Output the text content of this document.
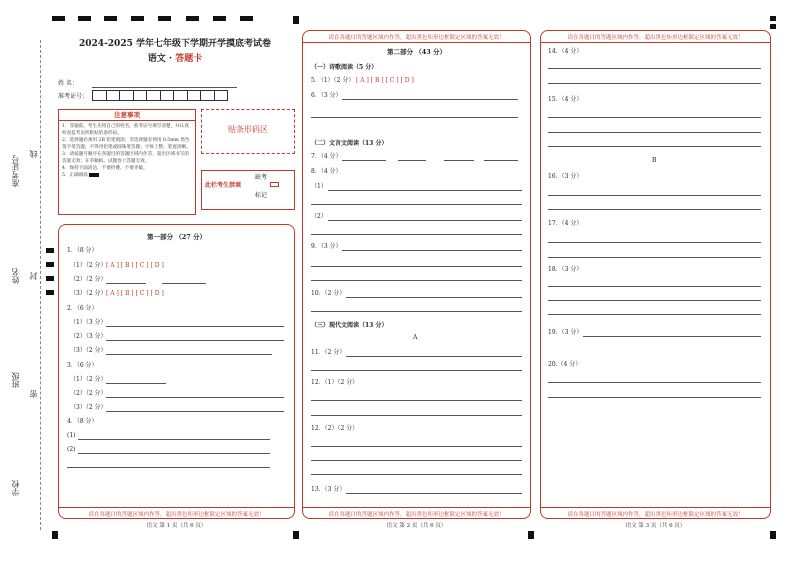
准考证号
线
姓名 封
班级
密
学校
2024-2025 学年七年级下学期开学摸底考试卷
语文 · 答题卡
姓 名：
准考证号：
注意事项
1．答题前，考生先将自己的姓名，准考证号填写清楚，并认真检查监考员所粘贴的条形码。
2．选择题必须用 2B 铅笔填涂；非选择题必须用 0.5mm 黑色签字笔答题，不得用铅笔或圆珠笔答题；字体工整、笔迹清晰。
3．请按题号顺序在各题目的答题区域内作答，超出区域书写的答案无效；在草稿纸、试题卷上答题无效。
4．保持卡面清洁，不要折叠、不要弄破。
5．正确填涂
贴条形码区
缺考
此栏考生禁填
标记
第一部分 （27 分）
1．（8 分）
（1）（2 分） [ A ] [ B ] [ C ] [ D ]
（2）（2 分）
（3）（2 分） [ A ] [ B ] [ C ] [ D ]
2．（6 分）
（1）（3 分）
（2）（3 分）
（3）（2 分）
3．（6 分）
（1）（2 分）
（2）（2 分）
（3）（2 分）
4．（8 分）
(1)
(2)
请在各题目的答题区域内作答，超出黑色矩形边框限定区域的答案无效！
语文 第 1 页（共 6 页）
请在各题目的答题区域内作答，超出黑色矩形边框限定区域的答案无效！
第二部分 （43 分）
（一）诗歌阅读（5 分）
5．（1）（2 分） [ A ] [ B ] [ C ] [ D ]
6．（3 分）
（二）文言文阅读（13 分）
7．（4 分）
8．（4 分）
（1）
（2）
9．（3 分）
10．（2 分）
（三）现代文阅读（13 分）
A
11．（2 分）
12．（1）（2 分）
12．（2）（2 分）
13．（3 分）
请在各题目的答题区域内作答，超出黑色矩形边框限定区域的答案无效！
语文 第 2 页（共 6 页）
请在各题目的答题区域内作答，超出黑色矩形边框限定区域的答案无效！
14．（4 分）
15．（4 分）
B
16．（3 分）
17．（4 分）
18．（3 分）
19．（3 分）
20.（4 分）
请在各题目的答题区域内作答，超出黑色矩形边框限定区域的答案无效！
语文 第 3 页（共 6 页）
